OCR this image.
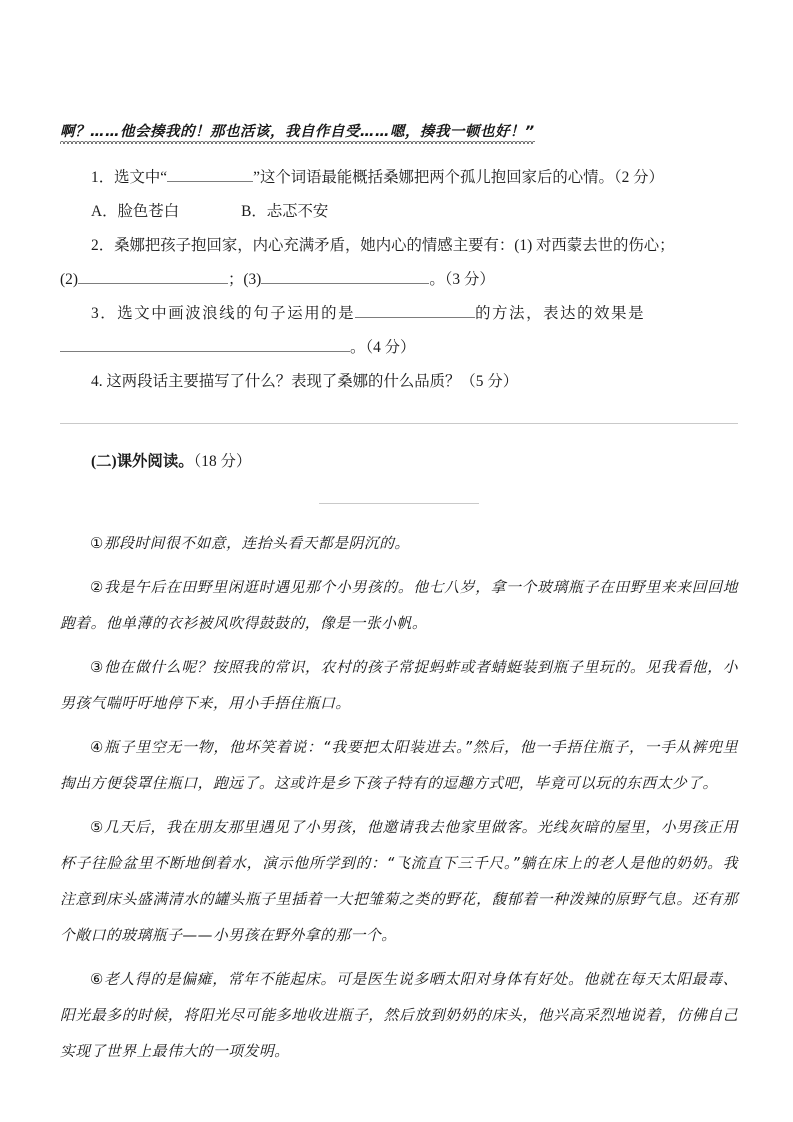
啊？……他会揍我的！那也活该，我自作自受……嗯，揍我一顿也好！”

1．选文中“	”这个词语最能概括桑娜把两个孤儿抱回家后的心情。（2 分）

A．脸色苍白	B．忐忑不安

2．桑娜把孩子抱回家，内心充满矛盾，她内心的情感主要有：(1) 对西蒙去世的伤心；

(2)	；(3)	。（3 分）

3．选文中画波浪线的句子运用的是	的方法，表达的效果是

。（4 分）

4. 这两段话主要描写了什么？表现了桑娜的什么品质？（5 分）

(二)课外阅读。（18 分）

①那段时间很不如意，连抬头看天都是阴沉的。

②我是午后在田野里闲逛时遇见那个小男孩的。他七八岁，拿一个玻璃瓶子在田野里来来回回地跑着。他单薄的衣衫被风吹得鼓鼓的，像是一张小帆。

③他在做什么呢？按照我的常识，农村的孩子常捉蚂蚱或者蜻蜓装到瓶子里玩的。见我看他，小男孩气喘吁吁地停下来，用小手捂住瓶口。

④瓶子里空无一物，他坏笑着说：“我要把太阳装进去。”然后，他一手捂住瓶子，一手从裤兜里掏出方便袋罩住瓶口，跑远了。这或许是乡下孩子特有的逗趣方式吧，毕竟可以玩的东西太少了。

⑤几天后，我在朋友那里遇见了小男孩，他邀请我去他家里做客。光线灰暗的屋里，小男孩正用杯子往脸盆里不断地倒着水，演示他所学到的：“飞流直下三千尺。”躺在床上的老人是他的奶奶。我注意到床头盛满清水的罐头瓶子里插着一大把雏菊之类的野花，馥郁着一种泼辣的原野气息。还有那个敞口的玻璃瓶子——小男孩在野外拿的那一个。

⑥老人得的是偏瘫，常年不能起床。可是医生说多晒太阳对身体有好处。他就在每天太阳最毒、阳光最多的时候，将阳光尽可能多地收进瓶子，然后放到奶奶的床头，他兴高采烈地说着，仿佛自己实现了世界上最伟大的一项发明。
